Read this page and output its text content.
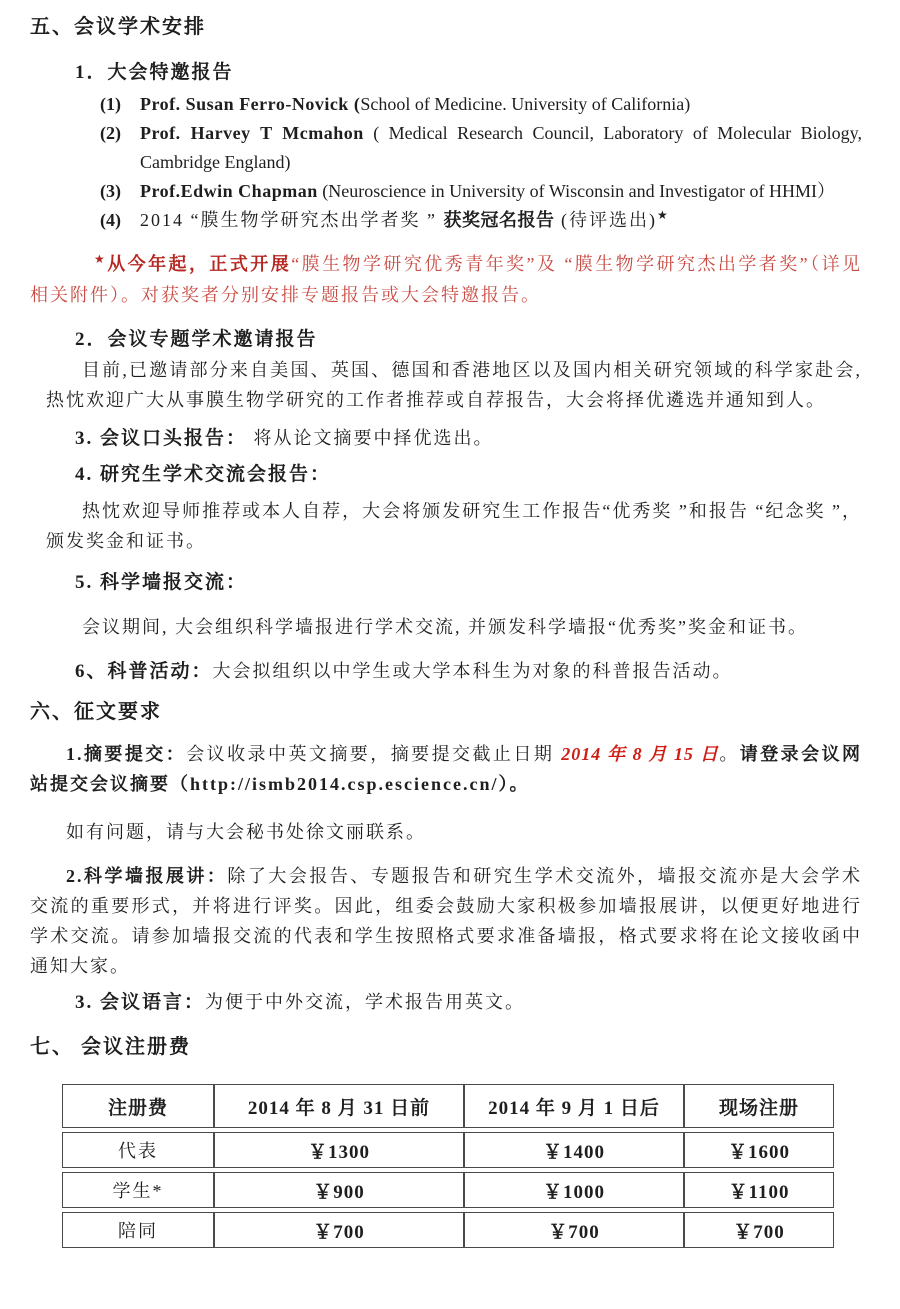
五、会议学术安排
1．大会特邀报告
(1)	Prof. Susan Ferro-Novick (School of Medicine. University of California)
(2)	Prof. Harvey T Mcmahon ( Medical Research Council, Laboratory of Molecular Biology, Cambridge England)
(3)	Prof.Edwin Chapman (Neuroscience in University of Wisconsin and Investigator of HHMI）
(4)	2014 “膜生物学研究杰出学者奖 ” 获奖冠名报告 (待评选出)★

★从今年起，正式开展“膜生物学研究优秀青年奖”及 “膜生物学研究杰出学者奖”（详见相关附件）。对获奖者分别安排专题报告或大会特邀报告。

2．会议专题学术邀请报告

目前,已邀请部分来自美国、英国、德国和香港地区以及国内相关研究领域的科学家赴会, 热忱欢迎广大从事膜生物学研究的工作者推荐或自荐报告，大会将择优遴选并通知到人。

3. 会议口头报告： 将从论文摘要中择优选出。
4. 研究生学术交流会报告：

热忱欢迎导师推荐或本人自荐，大会将颁发研究生工作报告“优秀奖 ”和报告 “纪念奖 ”，颁发奖金和证书。

5. 科学墙报交流：

会议期间, 大会组织科学墙报进行学术交流, 并颁发科学墙报“优秀奖”奖金和证书。

6、科普活动：大会拟组织以中学生或大学本科生为对象的科普报告活动。
六、征文要求

1.摘要提交：会议收录中英文摘要，摘要提交截止日期 2014 年 8 月 15 日。请登录会议网站提交会议摘要（http://ismb2014.csp.escience.cn/）。

如有问题，请与大会秘书处徐文丽联系。

2.科学墙报展讲：除了大会报告、专题报告和研究生学术交流外，墙报交流亦是大会学术交流的重要形式，并将进行评奖。因此，组委会鼓励大家积极参加墙报展讲，以便更好地进行学术交流。请参加墙报交流的代表和学生按照格式要求准备墙报，格式要求将在论文接收函中通知大家。

3. 会议语言：为便于中外交流，学术报告用英文。
七、 会议注册费
注册费	2014 年 8 月 31 日前	2014 年 9 月 1 日后	现场注册
代表	￥1300	￥1400	￥1600
学生*	￥900	￥1000	￥1100
陪同	￥700	￥700	￥700
